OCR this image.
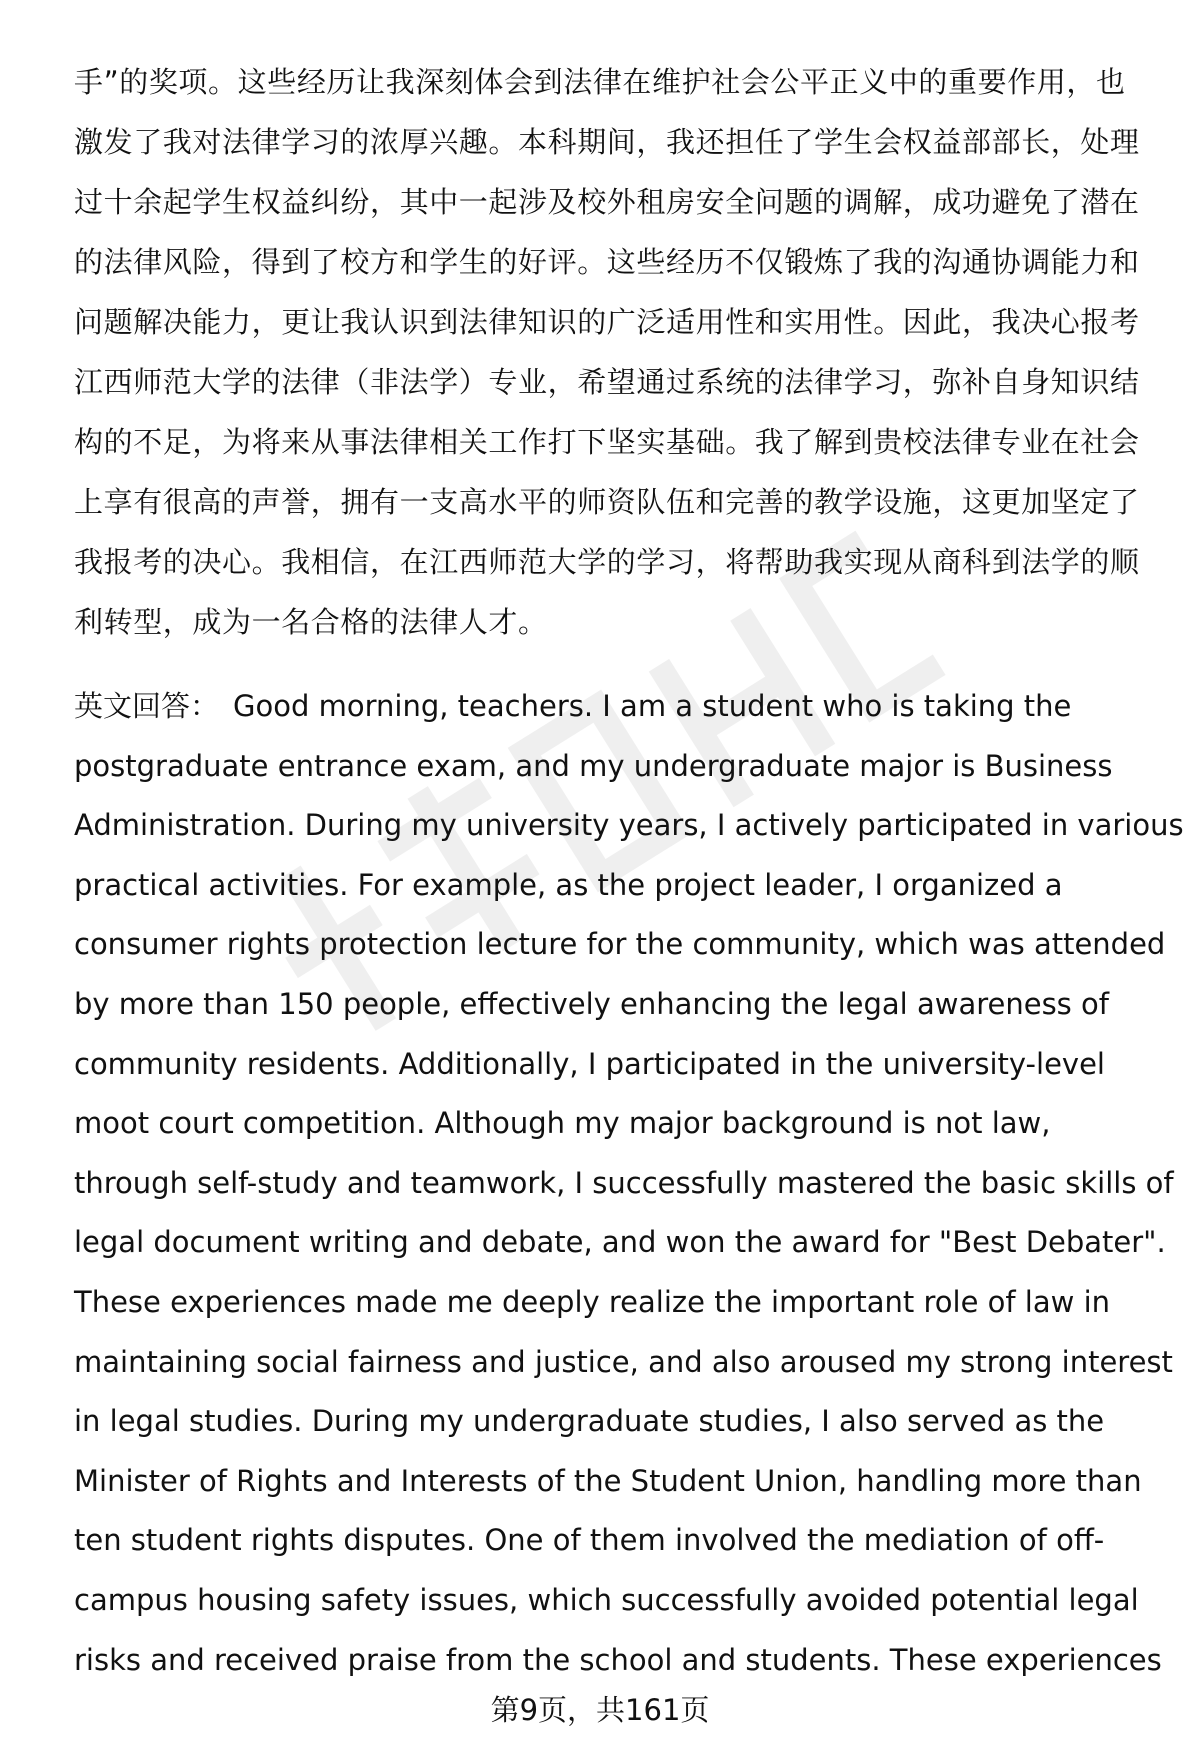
手”的奖项。这些经历让我深刻体会到法律在维护社会公平正义中的重要作用，也
激发了我对法律学习的浓厚兴趣。本科期间，我还担任了学生会权益部部长，处理
过十余起学生权益纠纷，其中一起涉及校外租房安全问题的调解，成功避免了潜在
的法律风险，得到了校方和学生的好评。这些经历不仅锻炼了我的沟通协调能力和
问题解决能力，更让我认识到法律知识的广泛适用性和实用性。因此，我决心报考
江西师范大学的法律（非法学）专业，希望通过系统的法律学习，弥补自身知识结
构的不足，为将来从事法律相关工作打下坚实基础。我了解到贵校法律专业在社会
上享有很高的声誉，拥有一支高水平的师资队伍和完善的教学设施，这更加坚定了
我报考的决心。我相信，在江西师范大学的学习，将帮助我实现从商科到法学的顺
利转型，成为一名合格的法律人才。
英文回答： Good morning, teachers. I am a student who is taking the
postgraduate entrance exam, and my undergraduate major is Business
Administration. During my university years, I actively participated in various
practical activities. For example, as the project leader, I organized a
consumer rights protection lecture for the community, which was attended
by more than 150 people, effectively enhancing the legal awareness of
community residents. Additionally, I participated in the university-level
moot court competition. Although my major background is not law,
through self-study and teamwork, I successfully mastered the basic skills of
legal document writing and debate, and won the award for "Best Debater".
These experiences made me deeply realize the important role of law in
maintaining social fairness and justice, and also aroused my strong interest
in legal studies. During my undergraduate studies, I also served as the
Minister of Rights and Interests of the Student Union, handling more than
ten student rights disputes. One of them involved the mediation of off-
campus housing safety issues, which successfully avoided potential legal
risks and received praise from the school and students. These experiences
第9页，共161页
